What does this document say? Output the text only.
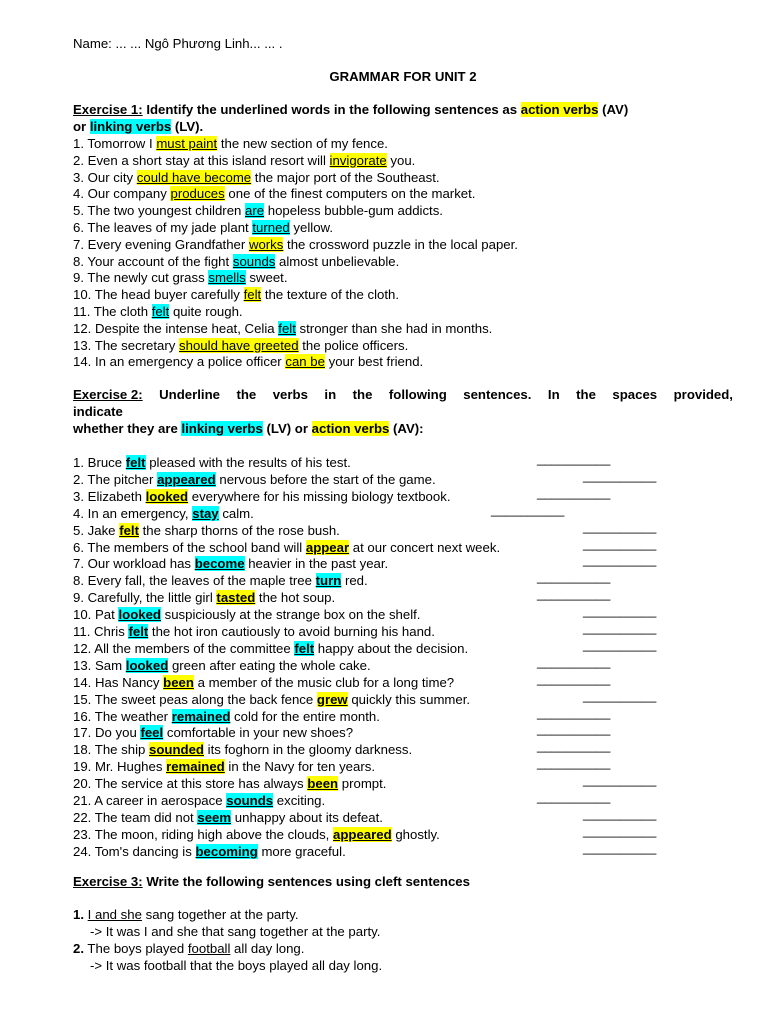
Name: ... ... Ngô Phương Linh... ... .
GRAMMAR FOR UNIT 2
Exercise 1: Identify the underlined words in the following sentences as action verbs (AV)
or linking verbs (LV).
1. Tomorrow I must paint the new section of my fence.
2. Even a short stay at this island resort will invigorate you.
3. Our city could have become the major port of the Southeast.
4. Our company produces one of the finest computers on the market.
5. The two youngest children are hopeless bubble-gum addicts.
6. The leaves of my jade plant turned yellow.
7. Every evening Grandfather works the crossword puzzle in the local paper.
8. Your account of the fight sounds almost unbelievable.
9. The newly cut grass smells sweet.
10. The head buyer carefully felt the texture of the cloth.
11. The cloth felt quite rough.
12. Despite the intense heat, Celia felt stronger than she had in months.
13. The secretary should have greeted the police officers.
14. In an emergency a police officer can be your best friend.
Exercise 2: Underline the verbs in the following sentences. In the spaces provided,
indicate
whether they are linking verbs (LV) or action verbs (AV):
1. Bruce felt pleased with the results of his test.	__________
2. The pitcher appeared nervous before the start of the game.	__________
3. Elizabeth looked everywhere for his missing biology textbook.	__________
4. In an emergency, stay calm.	__________
5. Jake felt the sharp thorns of the rose bush.	__________
6. The members of the school band will appear at our concert next week.	__________
7. Our workload has become heavier in the past year.	__________
8. Every fall, the leaves of the maple tree turn red.	__________
9. Carefully, the little girl tasted the hot soup.	__________
10. Pat looked suspiciously at the strange box on the shelf.	__________
11. Chris felt the hot iron cautiously to avoid burning his hand.	__________
12. All the members of the committee felt happy about the decision.	__________
13. Sam looked green after eating the whole cake.	__________
14. Has Nancy been a member of the music club for a long time?	__________
15. The sweet peas along the back fence grew quickly this summer.	__________
16. The weather remained cold for the entire month.	__________
17. Do you feel comfortable in your new shoes?	__________
18. The ship sounded its foghorn in the gloomy darkness.	__________
19. Mr. Hughes remained in the Navy for ten years.	__________
20. The service at this store has always been prompt.	__________
21. A career in aerospace sounds exciting.	__________
22. The team did not seem unhappy about its defeat.	__________
23. The moon, riding high above the clouds, appeared ghostly.	__________
24. Tom's dancing is becoming more graceful.	__________
Exercise 3: Write the following sentences using cleft sentences
1. I and she sang together at the party.
-> It was I and she that sang together at the party.
2. The boys played football all day long.
-> It was football that the boys played all day long.
